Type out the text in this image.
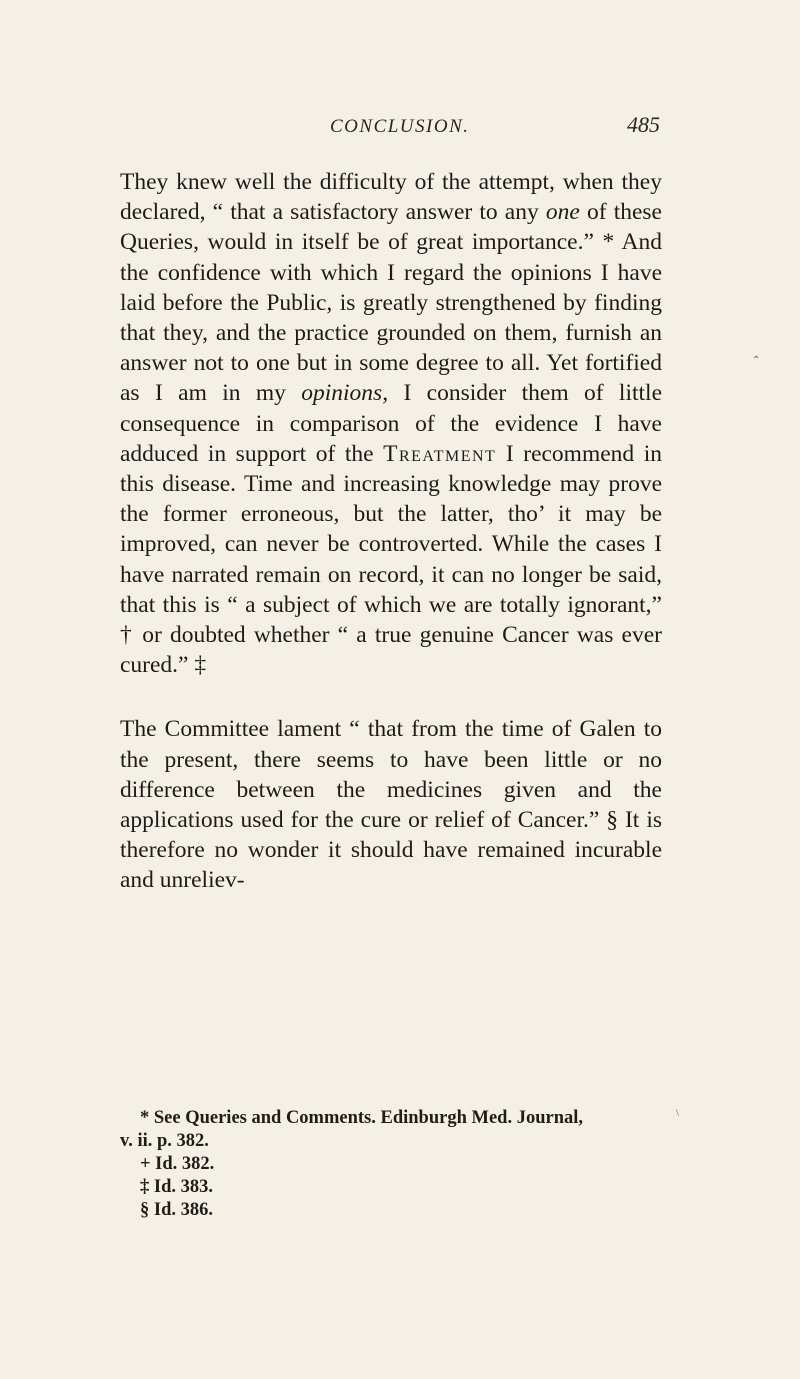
CONCLUSION.	485

They knew well the difficulty of the attempt, when they declared, “ that a satisfactory answer to any one of these Queries, would in itself be of great importance.” * And the confidence with which I regard the opinions I have laid before the Public, is greatly strengthened by finding that they, and the practice grounded on them, furnish an answer not to one but in some degree to all. Yet fortified as I am in my opinions, I consider them of little consequence in comparison of the evidence I have adduced in support of the Treatment I recommend in this disease. Time and increasing knowledge may prove the former erroneous, but the latter, tho’ it may be improved, can never be controverted. While the cases I have narrated remain on record, it can no longer be said, that this is “ a subject of which we are totally ignorant,” † or doubted whether “ a true genuine Cancer was ever cured.” ‡

The Committee lament “ that from the time of Galen to the present, there seems to have been little or no difference between the medicines given and the applications used for the cure or relief of Cancer.” § It is therefore no wonder it should have remained incurable and unreliev-

* See Queries and Comments. Edinburgh Med. Journal,

v. ii. p. 382.

+ Id. 382.

‡ Id. 383.

§ Id. 386.

⌃
\
